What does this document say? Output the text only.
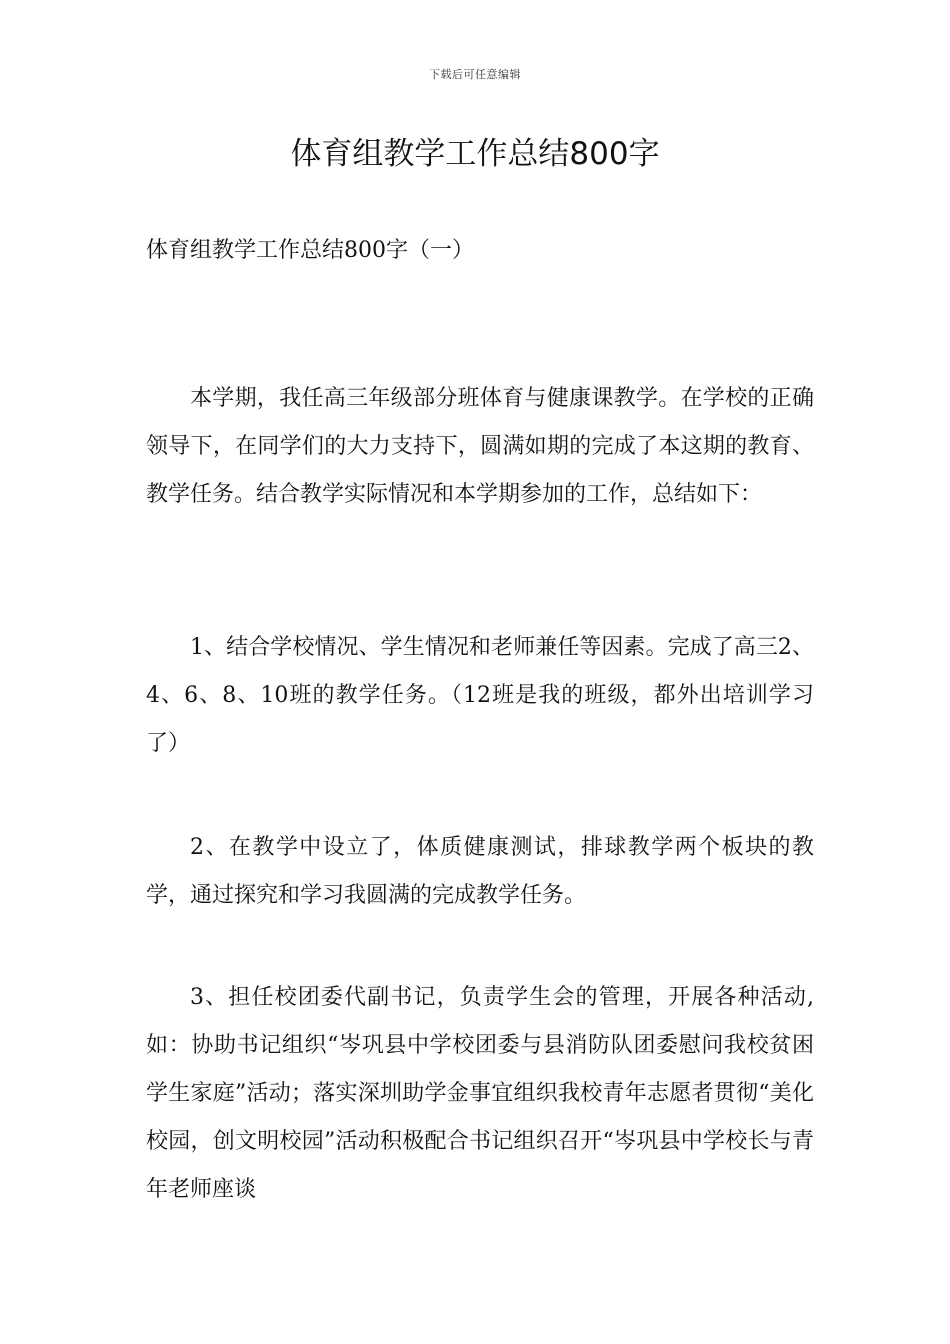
下载后可任意编辑
体育组教学工作总结800字

体育组教学工作总结800字（一）

本学期，我任高三年级部分班体育与健康课教学。在学校的正确领导下，在同学们的大力支持下，圆满如期的完成了本这期的教育、教学任务。结合教学实际情况和本学期参加的工作，总结如下：

1、结合学校情况、学生情况和老师兼任等因素。完成了高三2、4、6、8、10班的教学任务。（12班是我的班级，都外出培训学习了）

2、在教学中设立了，体质健康测试，排球教学两个板块的教学，通过探究和学习我圆满的完成教学任务。

3、担任校团委代副书记，负责学生会的管理，开展各种活动,如：协助书记组织“岑巩县中学校团委与县消防队团委慰问我校贫困学生家庭”活动；落实深圳助学金事宜组织我校青年志愿者贯彻“美化校园，创文明校园”活动积极配合书记组织召开“岑巩县中学校长与青年老师座谈
